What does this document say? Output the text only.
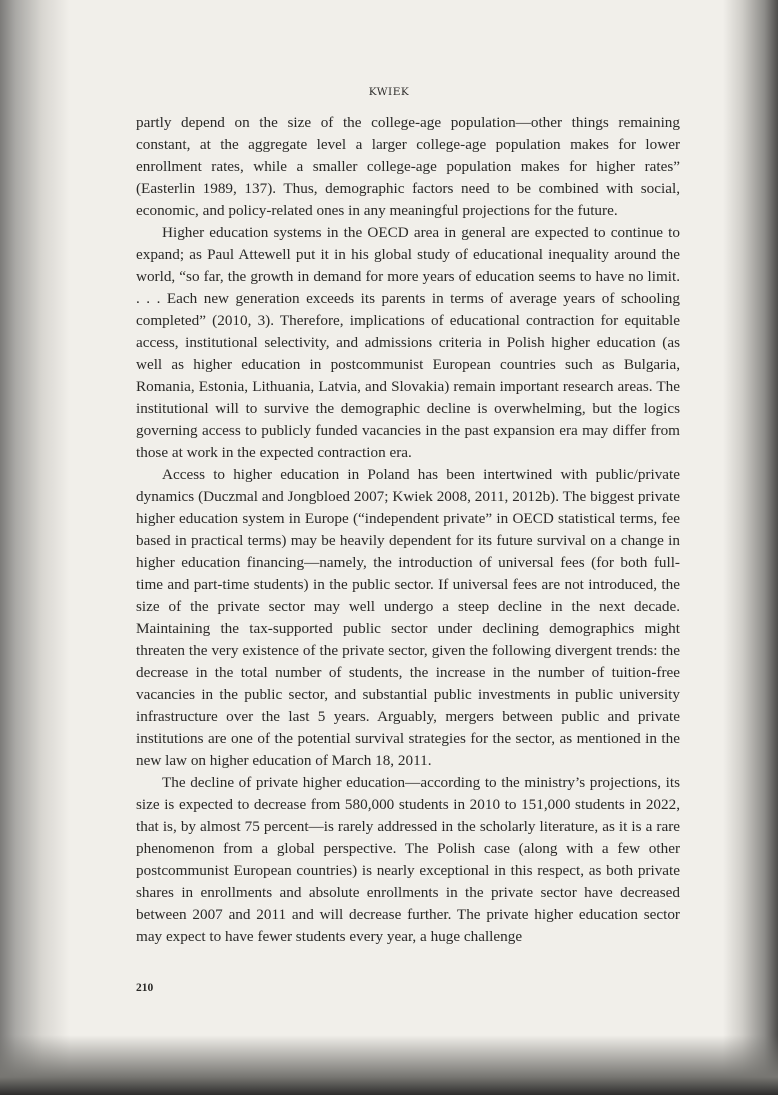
KWIEK

partly depend on the size of the college-age population—other things remaining constant, at the aggregate level a larger college-age population makes for lower enrollment rates, while a smaller college-age population makes for higher rates” (Easterlin 1989, 137). Thus, demographic factors need to be combined with social, economic, and policy-related ones in any meaningful projections for the future.

Higher education systems in the OECD area in general are expected to continue to expand; as Paul Attewell put it in his global study of educational inequality around the world, “so far, the growth in demand for more years of education seems to have no limit. . . . Each new generation exceeds its parents in terms of average years of schooling completed” (2010, 3). Therefore, implications of educational contraction for equitable access, institutional selectivity, and admissions criteria in Polish higher education (as well as higher education in postcommunist European countries such as Bulgaria, Romania, Estonia, Lithuania, Latvia, and Slovakia) remain important research areas. The institutional will to survive the demographic decline is overwhelming, but the logics governing access to publicly funded vacancies in the past expansion era may differ from those at work in the expected contraction era.

Access to higher education in Poland has been intertwined with public/private dynamics (Duczmal and Jongbloed 2007; Kwiek 2008, 2011, 2012b). The biggest private higher education system in Europe (“independent private” in OECD statistical terms, fee based in practical terms) may be heavily dependent for its future survival on a change in higher education financing—namely, the introduction of universal fees (for both full-time and part-time students) in the public sector. If universal fees are not introduced, the size of the private sector may well undergo a steep decline in the next decade. Maintaining the tax-supported public sector under declining demographics might threaten the very existence of the private sector, given the following divergent trends: the decrease in the total number of students, the increase in the number of tuition-free vacancies in the public sector, and substantial public investments in public university infrastructure over the last 5 years. Arguably, mergers between public and private institutions are one of the potential survival strategies for the sector, as mentioned in the new law on higher education of March 18, 2011.

The decline of private higher education—according to the ministry’s projections, its size is expected to decrease from 580,000 students in 2010 to 151,000 students in 2022, that is, by almost 75 percent—is rarely addressed in the scholarly literature, as it is a rare phenomenon from a global perspective. The Polish case (along with a few other postcommunist European countries) is nearly exceptional in this respect, as both private shares in enrollments and absolute enrollments in the private sector have decreased between 2007 and 2011 and will decrease further. The private higher education sector may expect to have fewer students every year, a huge challenge

210
